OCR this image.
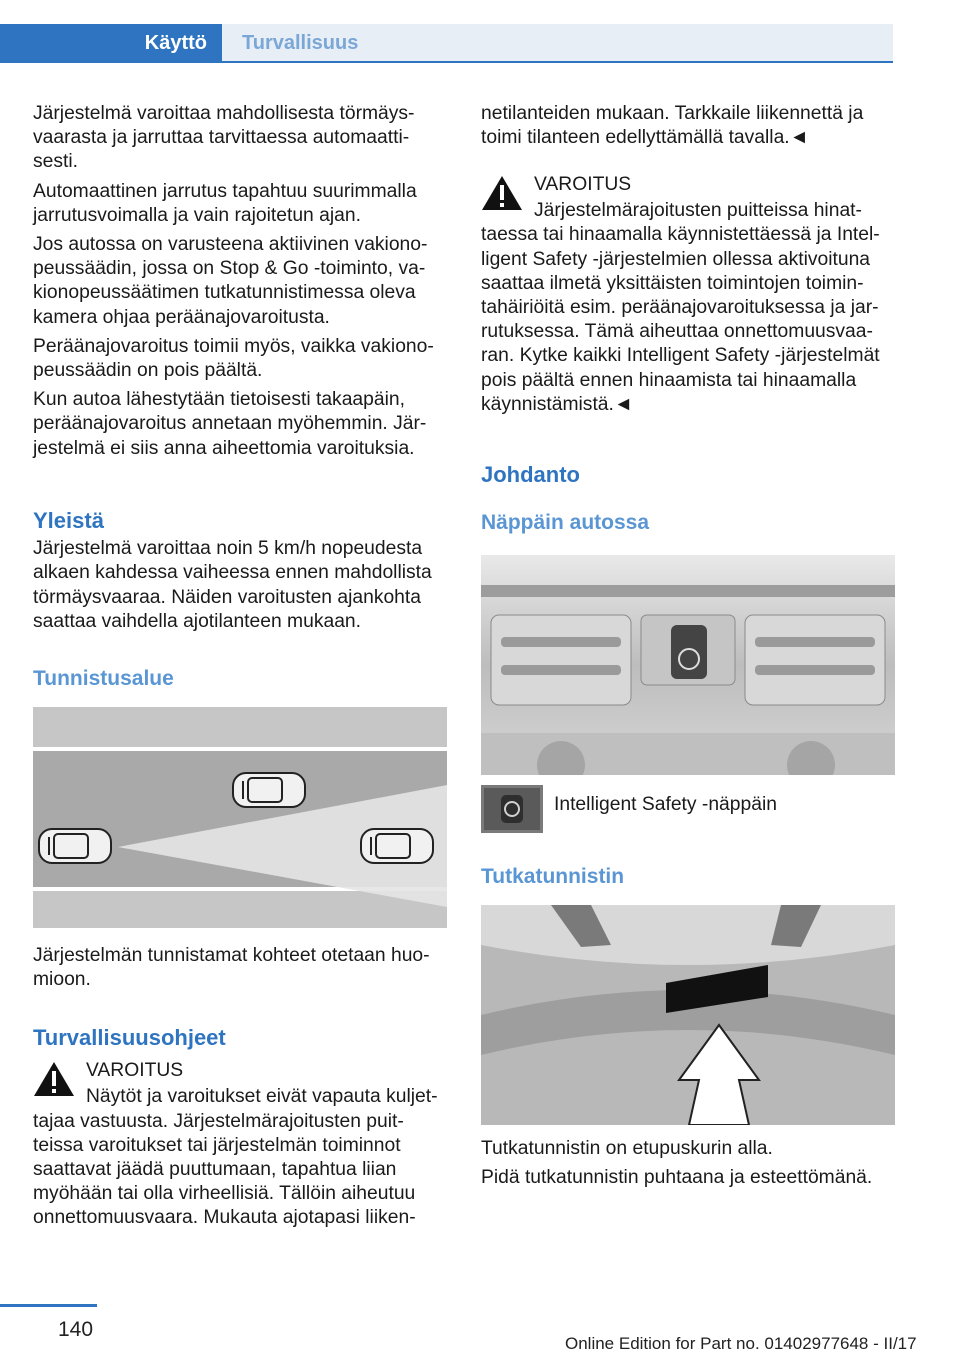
Käyttö	Turvallisuus

Järjestelmä varoittaa mahdollisesta törmäys‐vaarasta ja jarruttaa tarvittaessa automaatti‐sesti.

Automaattinen jarrutus tapahtuu suurimmalla jarrutusvoimalla ja vain rajoitetun ajan.

Jos autossa on varusteena aktiivinen vakiono‐peussäädin, jossa on Stop & Go -toiminto, va‐kionopeussäätimen tutkatunnistimessa oleva kamera ohjaa peräänajovaroitusta.

Peräänajovaroitus toimii myös, vaikka vakiono‐peussäädin on pois päältä.

Kun autoa lähestytään tietoisesti takaapäin, peräänajovaroitus annetaan myöhemmin. Jär‐jestelmä ei siis anna aiheettomia varoituksia.

Yleistä

Järjestelmä varoittaa noin 5 km/h nopeudesta alkaen kahdessa vaiheessa ennen mahdollista törmäysvaaraa. Näiden varoitusten ajankohta saattaa vaihdella ajotilanteen mukaan.

Tunnistusalue

Järjestelmän tunnistamat kohteet otetaan huo‐mioon.

Turvallisuusohjeet
VAROITUS

Näytöt ja varoitukset eivät vapauta kuljet‐tajaa vastuusta. Järjestelmärajoitusten puit‐teissa varoitukset tai järjestelmän toiminnot saattavat jäädä puuttumaan, tapahtua liian myöhään tai olla virheellisiä. Tällöin aiheutuu onnettomuusvaara. Mukauta ajotapasi liiken‐

netilanteiden mukaan. Tarkkaile liikennettä ja toimi tilanteen edellyttämällä tavalla.◄

VAROITUS

Järjestelmärajoitusten puitteissa hinat‐taessa tai hinaamalla käynnistettäessä ja Intel‐ligent Safety -järjestelmien ollessa aktivoituna saattaa ilmetä yksittäisten toimintojen toimin‐tahäiriöitä esim. peräänajovaroituksessa ja jar‐rutuksessa. Tämä aiheuttaa onnettomuusvaa‐ran. Kytke kaikki Intelligent Safety -järjestelmät pois päältä ennen hinaamista tai hinaamalla käynnistämistä.◄

Johdanto
Näppäin autossa

Intelligent Safety -näppäin

Tutkatunnistin

Tutkatunnistin on etupuskurin alla.

Pidä tutkatunnistin puhtaana ja esteettömänä.

140
Online Edition for Part no. 01402977648 - II/17
